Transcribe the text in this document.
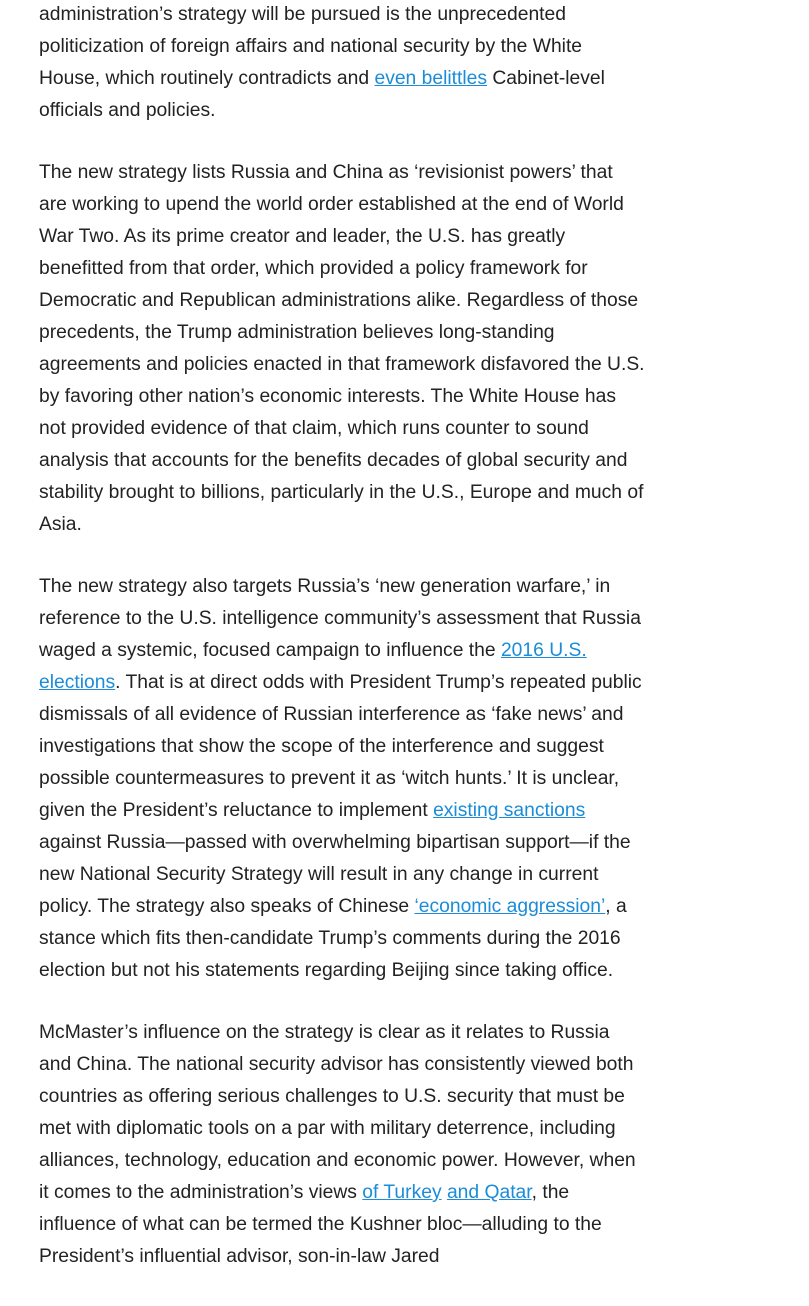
administration’s strategy will be pursued is the unprecedented politicization of foreign affairs and national security by the White House, which routinely contradicts and even belittles Cabinet-level officials and policies.

The new strategy lists Russia and China as ‘revisionist powers’ that are working to upend the world order established at the end of World War Two. As its prime creator and leader, the U.S. has greatly benefitted from that order, which provided a policy framework for Democratic and Republican administrations alike. Regardless of those precedents, the Trump administration believes long-standing agreements and policies enacted in that framework disfavored the U.S. by favoring other nation’s economic interests. The White House has not provided evidence of that claim, which runs counter to sound analysis that accounts for the benefits decades of global security and stability brought to billions, particularly in the U.S., Europe and much of Asia.

The new strategy also targets Russia’s ‘new generation warfare,’ in reference to the U.S. intelligence community’s assessment that Russia waged a systemic, focused campaign to influence the 2016 U.S. elections. That is at direct odds with President Trump’s repeated public dismissals of all evidence of Russian interference as ‘fake news’ and investigations that show the scope of the interference and suggest possible countermeasures to prevent it as ‘witch hunts.’ It is unclear, given the President’s reluctance to implement existing sanctions against Russia—passed with overwhelming bipartisan support—if the new National Security Strategy will result in any change in current policy. The strategy also speaks of Chinese ‘economic aggression’, a stance which fits then-candidate Trump’s comments during the 2016 election but not his statements regarding Beijing since taking office.

McMaster’s influence on the strategy is clear as it relates to Russia and China. The national security advisor has consistently viewed both countries as offering serious challenges to U.S. security that must be met with diplomatic tools on a par with military deterrence, including alliances, technology, education and economic power. However, when it comes to the administration’s views of Turkey and Qatar, the influence of what can be termed the Kushner bloc—alluding to the President’s influential advisor, son-in-law Jared
